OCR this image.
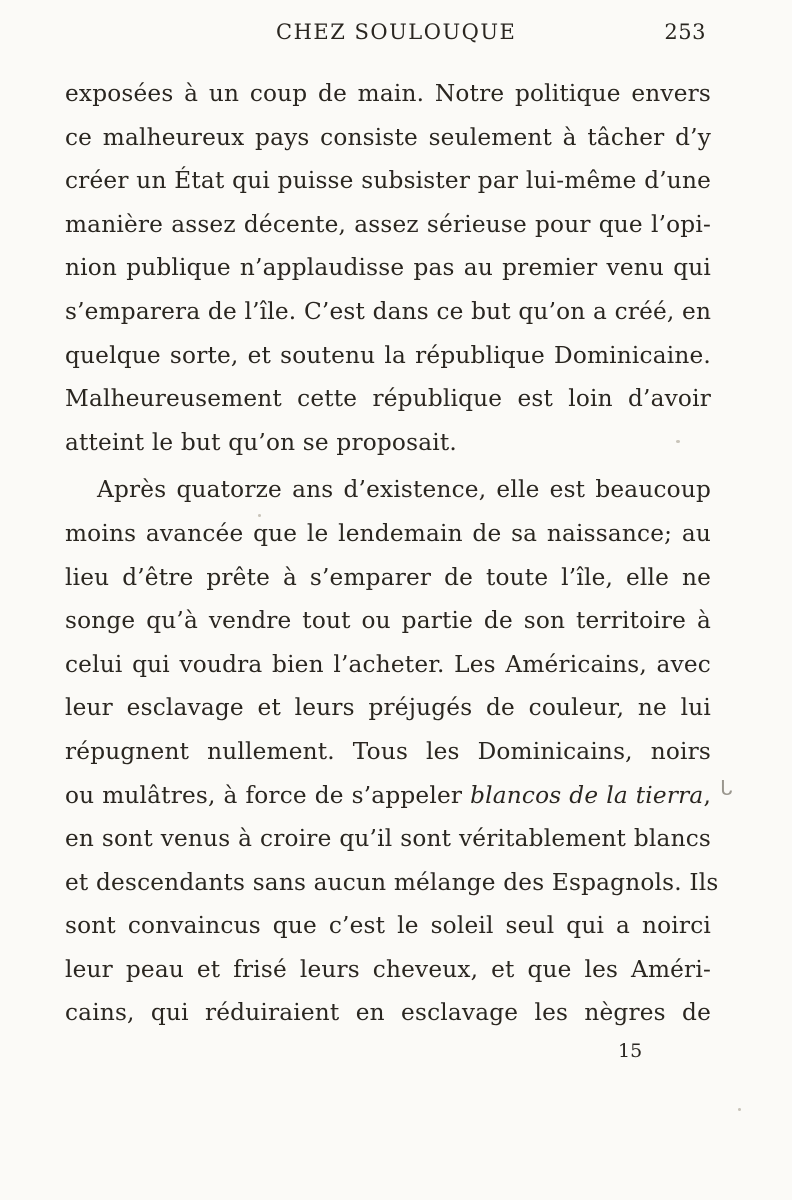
CHEZ SOULOUQUE	253
exposées à un coup de main. Notre politique envers
ce malheureux pays consiste seulement à tâcher d’y
créer un État qui puisse subsister par lui-même d’une
manière assez décente, assez sérieuse pour que l’opi-
nion publique n’applaudisse pas au premier venu qui
s’emparera de l’île. C’est dans ce but qu’on a créé, en
quelque sorte, et soutenu la république Dominicaine.
Malheureusement cette république est loin d’avoir
atteint le but qu’on se proposait.
Après quatorze ans d’existence, elle est beaucoup
moins avancée que le lendemain de sa naissance; au
lieu d’être prête à s’emparer de toute l’île, elle ne
songe qu’à vendre tout ou partie de son territoire à
celui qui voudra bien l’acheter. Les Américains, avec
leur esclavage et leurs préjugés de couleur, ne lui
répugnent nullement. Tous les Dominicains, noirs
ou mulâtres, à force de s’appeler blancos de la tierra,
en sont venus à croire qu’il sont véritablement blancs
et descendants sans aucun mélange des Espagnols. Ils
sont convaincus que c’est le soleil seul qui a noirci
leur peau et frisé leurs cheveux, et que les Améri-
cains, qui réduiraient en esclavage les nègres de
ᒐ
15
